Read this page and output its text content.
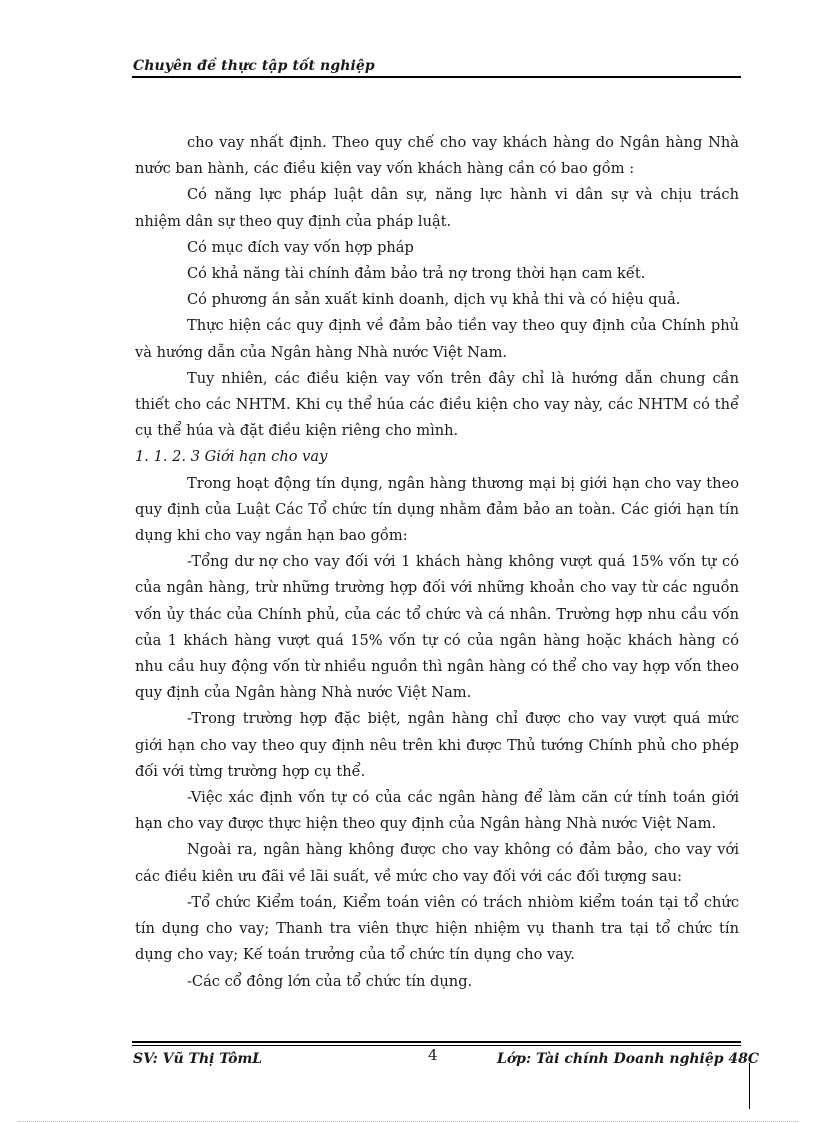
Chuyên đề thực tập tốt nghiệp

cho vay nhất định. Theo quy chế cho vay khách hàng do Ngân hàng Nhà nước ban hành, các điều kiện vay vốn khách hàng cần có bao gồm :

Có năng lực pháp luật dân sự, năng lực hành vi dân sự và chịu trách nhiệm dân sự theo quy định của pháp luật.

Có mục đích vay vốn hợp pháp

Có khả năng tài chính đảm bảo trả nợ trong thời hạn cam kết.

Có phương án sản xuất kinh doanh, dịch vụ khả thi và có hiệu quả.

Thực hiện các quy định về đảm bảo tiền vay theo quy định của Chính phủ và hướng dẫn của Ngân hàng Nhà nước Việt Nam.

Tuy nhiên, các điều kiện vay vốn trên đây chỉ là hướng dẫn chung cần thiết cho các NHTM. Khi cụ thể húa các điều kiện cho vay này, các NHTM có thể cụ thể húa và đặt điều kiện riêng cho mình.

1. 1. 2. 3 Giới hạn cho vay

Trong hoạt động tín dụng, ngân hàng thương mại bị giới hạn cho vay theo quy định của Luật Các Tổ chức tín dụng nhằm đảm bảo an toàn. Các giới hạn tín dụng khi cho vay ngắn hạn bao gồm:

-Tổng dư nợ cho vay đối với 1 khách hàng không vượt quá 15% vốn tự có của ngân hàng, trừ những trường hợp đối với những khoản cho vay từ các nguồn vốn ủy thác của Chính phủ, của các tổ chức và cá nhân. Trường hợp nhu cầu vốn của 1 khách hàng vượt quá 15% vốn tự có của ngân hàng hoặc khách hàng có nhu cầu huy động vốn từ nhiều nguồn thì ngân hàng có thể cho vay hợp vốn theo quy định của Ngân hàng Nhà nước Việt Nam.

-Trong trường hợp đặc biệt, ngân hàng chỉ được cho vay vượt quá mức giới hạn cho vay theo quy định nêu trên khi được Thủ tướng Chính phủ cho phép đối với từng trường hợp cụ thể.

-Việc xác định vốn tự có của các ngân hàng để làm căn cứ tính toán giới hạn cho vay được thực hiện theo quy định của Ngân hàng Nhà nước Việt Nam.

Ngoài ra, ngân hàng không được cho vay không có đảm bảo, cho vay với các điều kiên ưu đãi về lãi suất, về mức cho vay đối với các đối tượng sau:

-Tổ chức Kiểm toán, Kiểm toán viên có trách nhiòm kiểm toán tại tổ chức tín dụng cho vay; Thanh tra viên thực hiện nhiệm vụ thanh tra tại tổ chức tín dụng cho vay; Kế toán trưởng của tổ chức tín dụng cho vay.

-Các cổ đông lớn của tổ chức tín dụng.

SV: Vũ Thị TômL	4	Lớp: Tài chính Doanh nghiệp 48C
